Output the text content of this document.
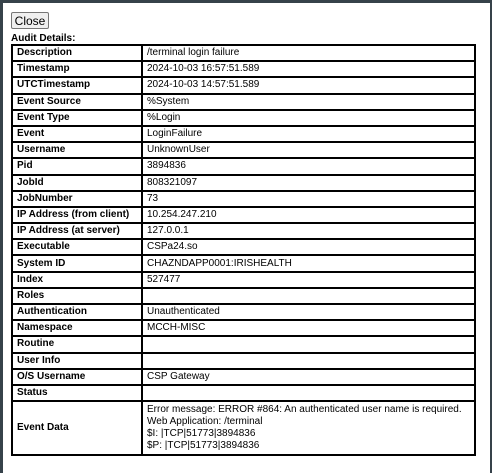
Close
Audit Details:
Description	/terminal login failure
Timestamp	2024-10-03 16:57:51.589
UTCTimestamp	2024-10-03 14:57:51.589
Event Source	%System
Event Type	%Login
Event	LoginFailure
Username	UnknownUser
Pid	3894836
JobId	808321097
JobNumber	73
IP Address (from client)	10.254.247.210
IP Address (at server)	127.0.0.1
Executable	CSPa24.so
System ID	CHAZNDAPP0001:IRISHEALTH
Index	527477
Roles	
Authentication	Unauthenticated
Namespace	MCCH-MISC
Routine	
User Info	
O/S Username	CSP Gateway
Status	
Event Data	Error message: ERROR #864: An authenticated user name is required.
Web Application: /terminal
$I: |TCP|51773|3894836
$P: |TCP|51773|3894836
